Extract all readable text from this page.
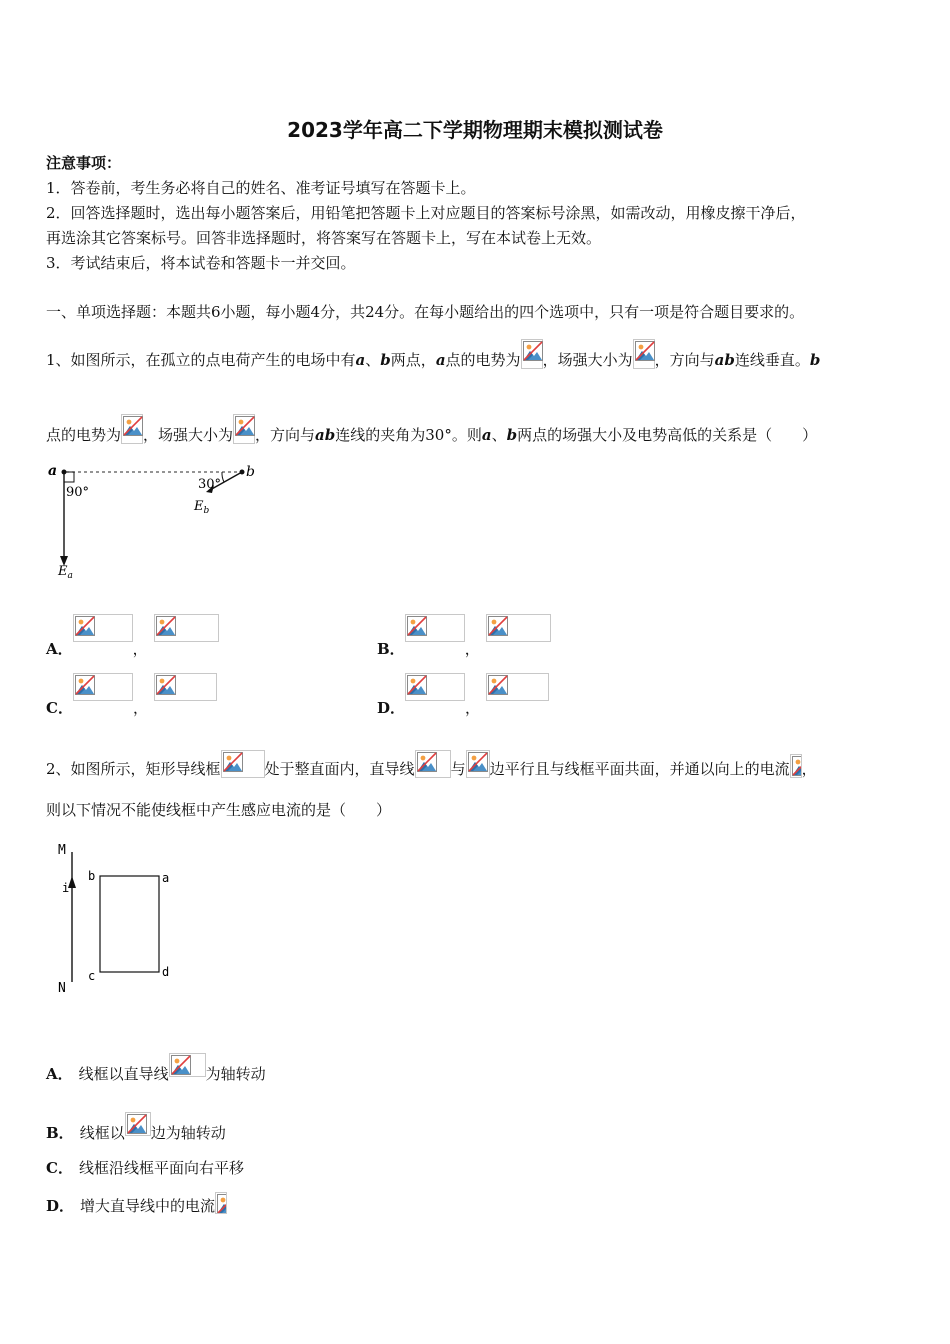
2023学年高二下学期物理期末模拟测试卷
注意事项：
1．答卷前，考生务必将自己的姓名、准考证号填写在答题卡上。
2．回答选择题时，选出每小题答案后，用铅笔把答题卡上对应题目的答案标号涂黑，如需改动，用橡皮擦干净后，
再选涂其它答案标号。回答非选择题时，将答案写在答题卡上，写在本试卷上无效。
3．考试结束后，将本试卷和答题卡一并交回。
一、单项选择题：本题共6小题，每小题4分，共24分。在每小题给出的四个选项中，只有一项是符合题目要求的。
1、如图所示，在孤立的点电荷产生的电场中有a、b两点，a点的电势为 ，场强大小为 ，方向与ab连线垂直。b
点的电势为 ，场强大小为 ，方向与ab连线的夹角为30°。则a、b两点的场强大小及电势高低的关系是（　　）
a
90°
$E_a$
b
30°
$E_b$
A．	，	B．	，
C．	，	D．	，
2、如图所示，矩形导线框	处于整直面内，直导线 与 边平行且与线框平面共面，并通以向上的电流 ，
则以下情况不能使线框中产生感应电流的是（　　）
M
i
N
b	a
c	d
A． 线框以直导线 为轴转动
B． 线框以 边为轴转动
C． 线框沿线框平面向右平移
D． 增大直导线中的电流
